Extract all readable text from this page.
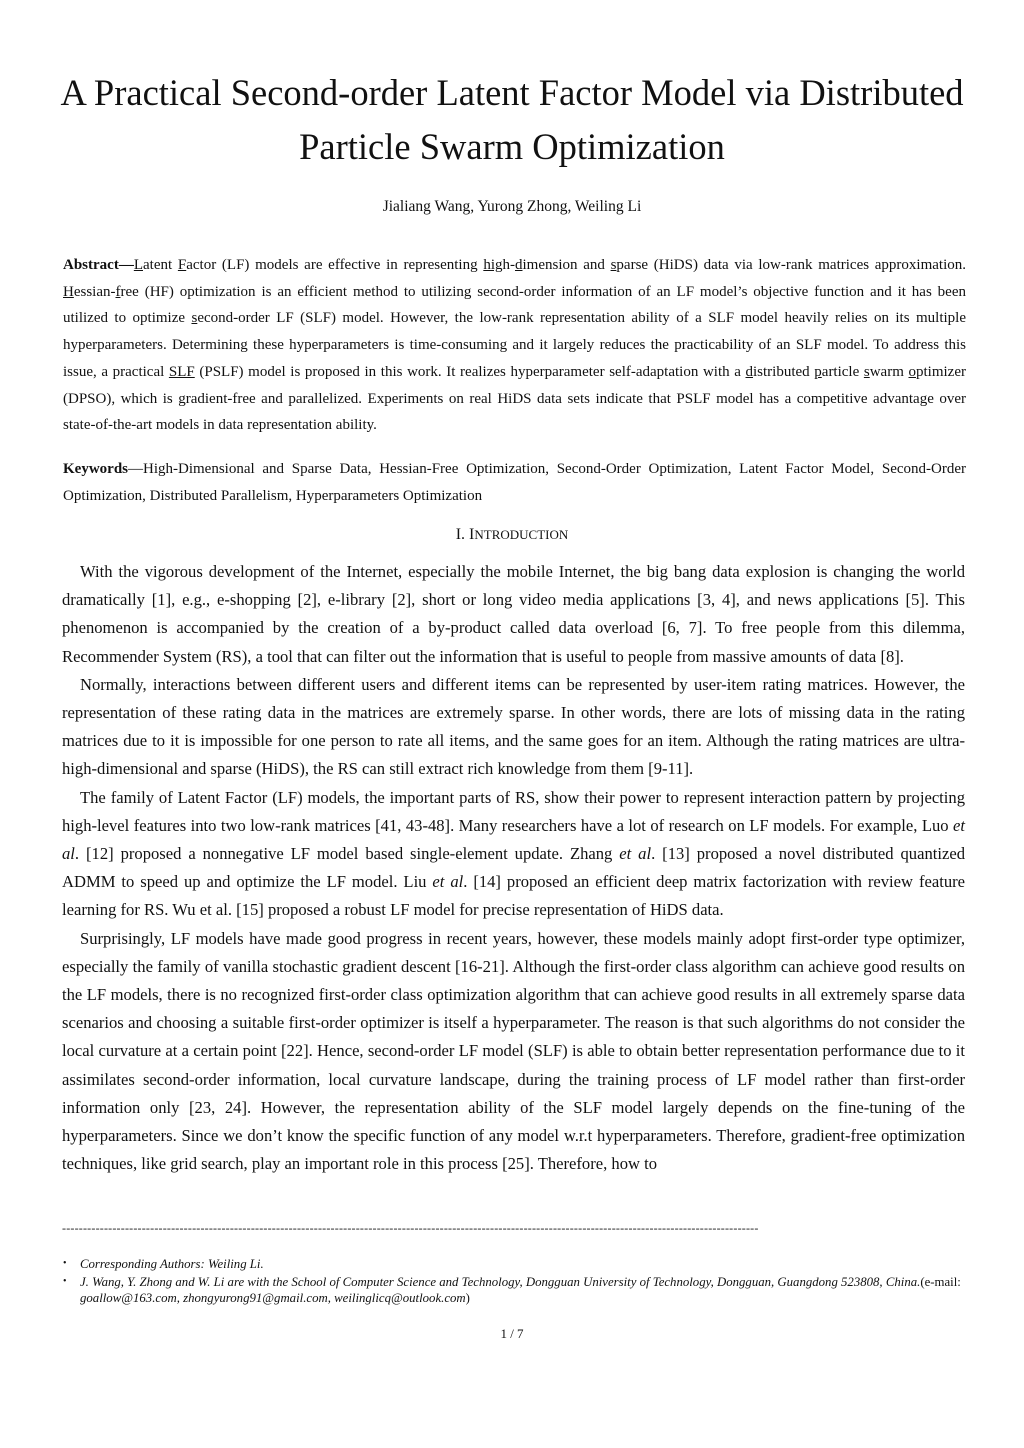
A Practical Second-order Latent Factor Model via Distributed Particle Swarm Optimization
Jialiang Wang, Yurong Zhong, Weiling Li
Abstract—Latent Factor (LF) models are effective in representing high-dimension and sparse (HiDS) data via low-rank matrices approximation. Hessian-free (HF) optimization is an efficient method to utilizing second-order information of an LF model’s objective function and it has been utilized to optimize second-order LF (SLF) model. However, the low-rank representation ability of a SLF model heavily relies on its multiple hyperparameters. Determining these hyperparameters is time-consuming and it largely reduces the practicability of an SLF model. To address this issue, a practical SLF (PSLF) model is proposed in this work. It realizes hyperparameter self-adaptation with a distributed particle swarm optimizer (DPSO), which is gradient-free and parallelized. Experiments on real HiDS data sets indicate that PSLF model has a competitive advantage over state-of-the-art models in data representation ability.
Keywords—High-Dimensional and Sparse Data, Hessian-Free Optimization, Second-Order Optimization, Latent Factor Model, Second-Order Optimization, Distributed Parallelism, Hyperparameters Optimization
I. INTRODUCTION

With the vigorous development of the Internet, especially the mobile Internet, the big bang data explosion is changing the world dramatically [1], e.g., e-shopping [2], e-library [2], short or long video media applications [3, 4], and news applications [5]. This phenomenon is accompanied by the creation of a by-product called data overload [6, 7]. To free people from this dilemma, Recommender System (RS), a tool that can filter out the information that is useful to people from massive amounts of data [8].

Normally, interactions between different users and different items can be represented by user-item rating matrices. However, the representation of these rating data in the matrices are extremely sparse. In other words, there are lots of missing data in the rating matrices due to it is impossible for one person to rate all items, and the same goes for an item. Although the rating matrices are ultra-high-dimensional and sparse (HiDS), the RS can still extract rich knowledge from them [9-11].

The family of Latent Factor (LF) models, the important parts of RS, show their power to represent interaction pattern by projecting high-level features into two low-rank matrices [41, 43-48]. Many researchers have a lot of research on LF models. For example, Luo et al. [12] proposed a nonnegative LF model based single-element update. Zhang et al. [13] proposed a novel distributed quantized ADMM to speed up and optimize the LF model. Liu et al. [14] proposed an efficient deep matrix factorization with review feature learning for RS. Wu et al. [15] proposed a robust LF model for precise representation of HiDS data.

Surprisingly, LF models have made good progress in recent years, however, these models mainly adopt first-order type optimizer, especially the family of vanilla stochastic gradient descent [16-21]. Although the first-order class algorithm can achieve good results on the LF models, there is no recognized first-order class optimization algorithm that can achieve good results in all extremely sparse data scenarios and choosing a suitable first-order optimizer is itself a hyperparameter. The reason is that such algorithms do not consider the local curvature at a certain point [22]. Hence, second-order LF model (SLF) is able to obtain better representation performance due to it assimilates second-order information, local curvature landscape, during the training process of LF model rather than first-order information only [23, 24]. However, the representation ability of the SLF model largely depends on the fine-tuning of the hyperparameters. Since we don’t know the specific function of any model w.r.t hyperparameters. Therefore, gradient-free optimization techniques, like grid search, play an important role in this process [25]. Therefore, how to

----------------------------------------------------------------------------------------------------------------------------------------------------------------------
• Corresponding Authors: Weiling Li.
• J. Wang, Y. Zhong and W. Li are with the School of Computer Science and Technology, Dongguan University of Technology, Dongguan, Guangdong 523808, China.(e-mail: goallow@163.com, zhongyurong91@gmail.com, weilinglicq@outlook.com)
1 / 7
